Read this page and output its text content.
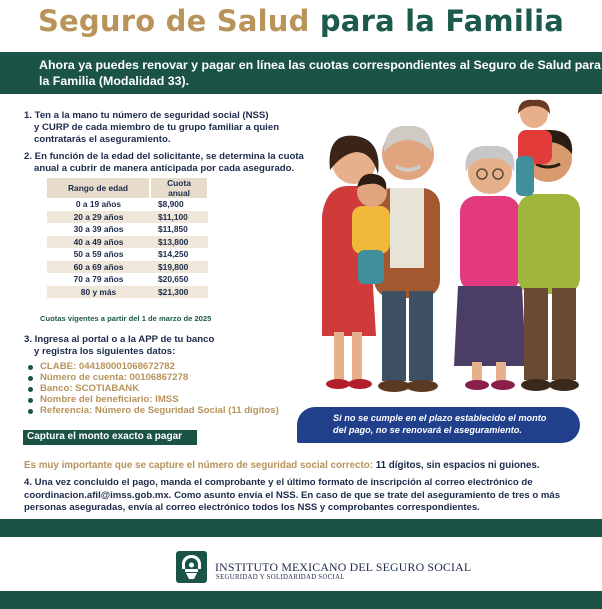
Seguro de Salud para la Familia
Ahora ya puedes renovar y pagar en línea las cuotas correspondientes al Seguro de Salud para la Familia (Modalidad 33).
1. Ten a la mano tu número de seguridad social (NSS)
y CURP de cada miembro de tu grupo familiar a quien
contratarás el aseguramiento.
2. En función de la edad del solicitante, se determina la cuota
anual a cubrir de manera anticipada por cada asegurado.
Rango de edad	Cuota anual
0 a 19 años	$8,900
20 a 29 años	$11,100
30 a 39 años	$11,850
40 a 49 años	$13,800
50 a 59 años	$14,250
60 a 69 años	$19,800
70 a 79 años	$20,650
80 y más	$21,300
Cuotas vigentes a partir del 1 de marzo de 2025
3. Ingresa al portal o a la APP de tu banco
y registra los siguientes datos:
CLABE: 044180001068672782
Número de cuenta: 00106867278
Banco: SCOTIABANK
Nombre del beneficiario: IMSS
Referencia: Número de Seguridad Social (11 dígitos)
Captura el monto exacto a pagar
Si no se cumple en el plazo establecido el monto
del pago, no se renovará el aseguramiento.
Es muy importante que se capture el número de seguridad social correcto: 11 dígitos, sin espacios ni guiones.
4. Una vez concluido el pago, manda el comprobante y el último formato de inscripción al correo electrónico de coordinacion.afil@imss.gob.mx. Como asunto envía el NSS. En caso de que se trate del aseguramiento de tres o más personas aseguradas, envía al correo electrónico todos los NSS y comprobantes correspondientes.
INSTITUTO MEXICANO DEL SEGURO SOCIAL
SEGURIDAD Y SOLIDARIDAD SOCIAL
